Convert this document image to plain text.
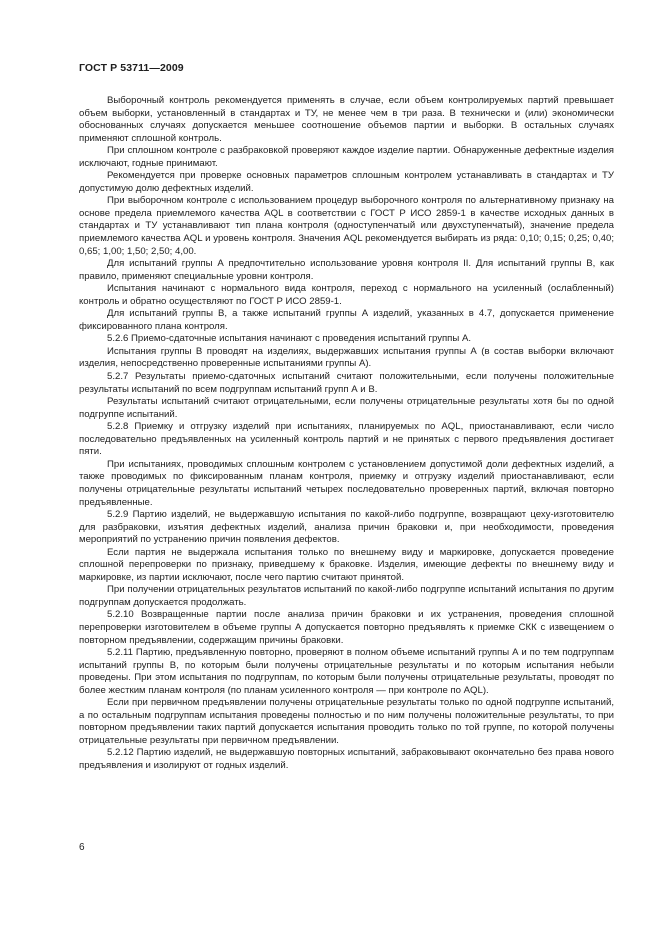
ГОСТ Р 53711—2009

Выборочный контроль рекомендуется применять в случае, если объем контролируемых партий превышает объем выборки, установленный в стандартах и ТУ, не менее чем в три раза. В технически и (или) экономически обоснованных случаях допускается меньшее соотношение объемов партии и выборки. В остальных случаях применяют сплошной контроль.

При сплошном контроле с разбраковкой проверяют каждое изделие партии. Обнаруженные дефектные изделия исключают, годные принимают.

Рекомендуется при проверке основных параметров сплошным контролем устанавливать в стандартах и ТУ допустимую долю дефектных изделий.

При выборочном контроле с использованием процедур выборочного контроля по альтернативному признаку на основе предела приемлемого качества AQL в соответствии с ГОСТ Р ИСО 2859-1 в качестве исходных данных в стандартах и ТУ устанавливают тип плана контроля (одноступенчатый или двухступенчатый), значение предела приемлемого качества AQL и уровень контроля. Значения AQL рекомендуется выбирать из ряда: 0,10; 0,15; 0,25; 0,40; 0,65; 1,00; 1,50; 2,50; 4,00.

Для испытаний группы А предпочтительно использование уровня контроля II. Для испытаний группы В, как правило, применяют специальные уровни контроля.

Испытания начинают с нормального вида контроля, переход с нормального на усиленный (ослабленный) контроль и обратно осуществляют по ГОСТ Р ИСО 2859-1.

Для испытаний группы В, а также испытаний группы А изделий, указанных в 4.7, допускается применение фиксированного плана контроля.

5.2.6 Приемо-сдаточные испытания начинают с проведения испытаний группы А.

Испытания группы В проводят на изделиях, выдержавших испытания группы А (в состав выборки включают изделия, непосредственно проверенные испытаниями группы А).

5.2.7 Результаты приемо-сдаточных испытаний считают положительными, если получены положительные результаты испытаний по всем подгруппам испытаний групп А и В.

Результаты испытаний считают отрицательными, если получены отрицательные результаты хотя бы по одной подгруппе испытаний.

5.2.8 Приемку и отгрузку изделий при испытаниях, планируемых по AQL, приостанавливают, если число последовательно предъявленных на усиленный контроль партий и не принятых с первого предъявления достигает пяти.

При испытаниях, проводимых сплошным контролем с установлением допустимой доли дефектных изделий, а также проводимых по фиксированным планам контроля, приемку и отгрузку изделий приостанавливают, если получены отрицательные результаты испытаний четырех последовательно проверенных партий, включая повторно предъявленные.

5.2.9 Партию изделий, не выдержавшую испытания по какой-либо подгруппе, возвращают цеху-изготовителю для разбраковки, изъятия дефектных изделий, анализа причин браковки и, при необходимости, проведения мероприятий по устранению причин появления дефектов.

Если партия не выдержала испытания только по внешнему виду и маркировке, допускается проведение сплошной перепроверки по признаку, приведшему к браковке. Изделия, имеющие дефекты по внешнему виду и маркировке, из партии исключают, после чего партию считают принятой.

При получении отрицательных результатов испытаний по какой-либо подгруппе испытаний испытания по другим подгруппам допускается продолжать.

5.2.10 Возвращенные партии после анализа причин браковки и их устранения, проведения сплошной перепроверки изготовителем в объеме группы А допускается повторно предъявлять к приемке СКК с извещением о повторном предъявлении, содержащим причины браковки.

5.2.11 Партию, предъявленную повторно, проверяют в полном объеме испытаний группы А и по тем подгруппам испытаний группы В, по которым были получены отрицательные результаты и по которым испытания небыли проведены. При этом испытания по подгруппам, по которым были получены отрицательные результаты, проводят по более жестким планам контроля (по планам усиленного контроля — при контроле по AQL).

Если при первичном предъявлении получены отрицательные результаты только по одной подгруппе испытаний, а по остальным подгруппам испытания проведены полностью и по ним получены положительные результаты, то при повторном предъявлении таких партий допускается испытания проводить только по той группе, по которой получены отрицательные результаты при первичном предъявлении.

5.2.12 Партию изделий, не выдержавшую повторных испытаний, забраковывают окончательно без права нового предъявления и изолируют от годных изделий.

6
